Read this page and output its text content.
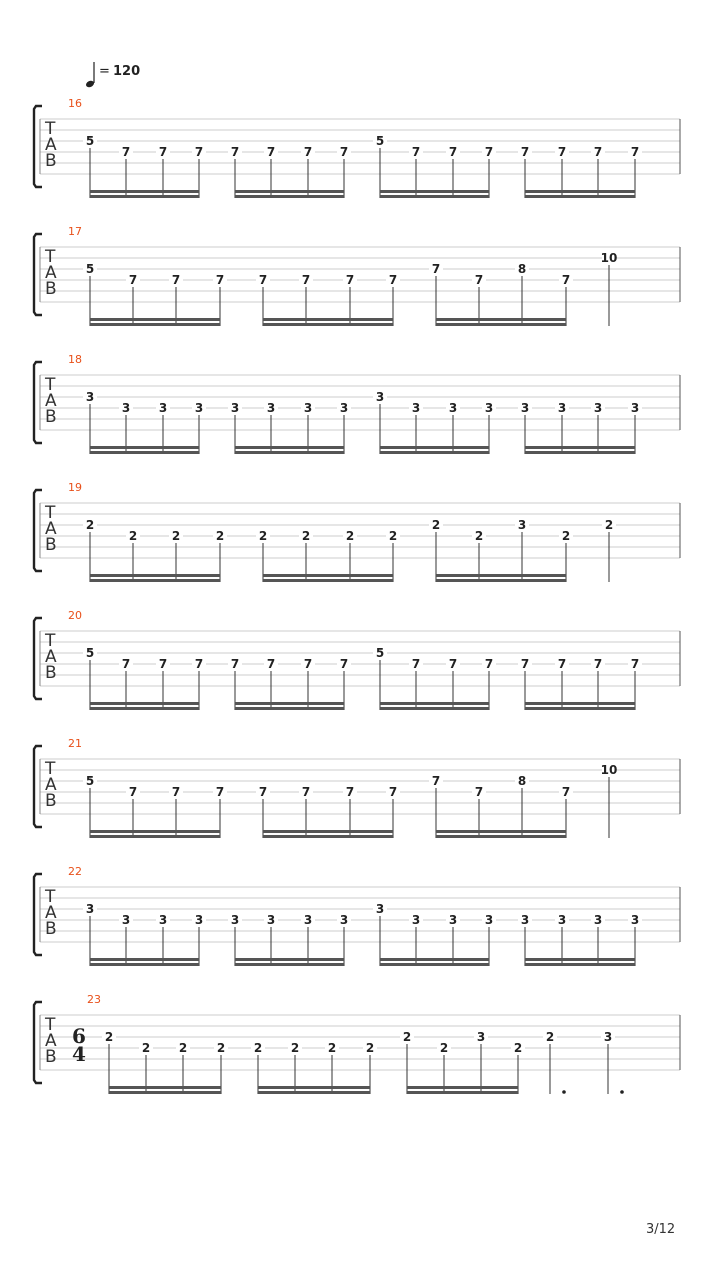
= 120
16
T
A
B
5
7 7 7 7 7 7 7
5
7 7 7 7 7 7 7
17
T
A
B
5
7	7	7	7	7	7	7
7
7
8
7
10
18
T
A
B
3
3 3 3 3 3 3 3
3
3 3 3 3 3 3 3
19
T
A
B
2
2	2	2	2	2	2	2
2
2
3
2
2
20
T
A
B
5
7 7 7 7 7 7 7
5
7 7 7 7 7 7 7
21
T
A
B
5
7	7	7	7	7	7	7
7
7
8
7
10
22
T
A
B
3
3 3 3 3 3 3 3
3
3 3 3 3 3 3 3
23
T
A
B
6
4
2
2 2 2 2 2 2 2
2
2
3
2
2	3
3/12
